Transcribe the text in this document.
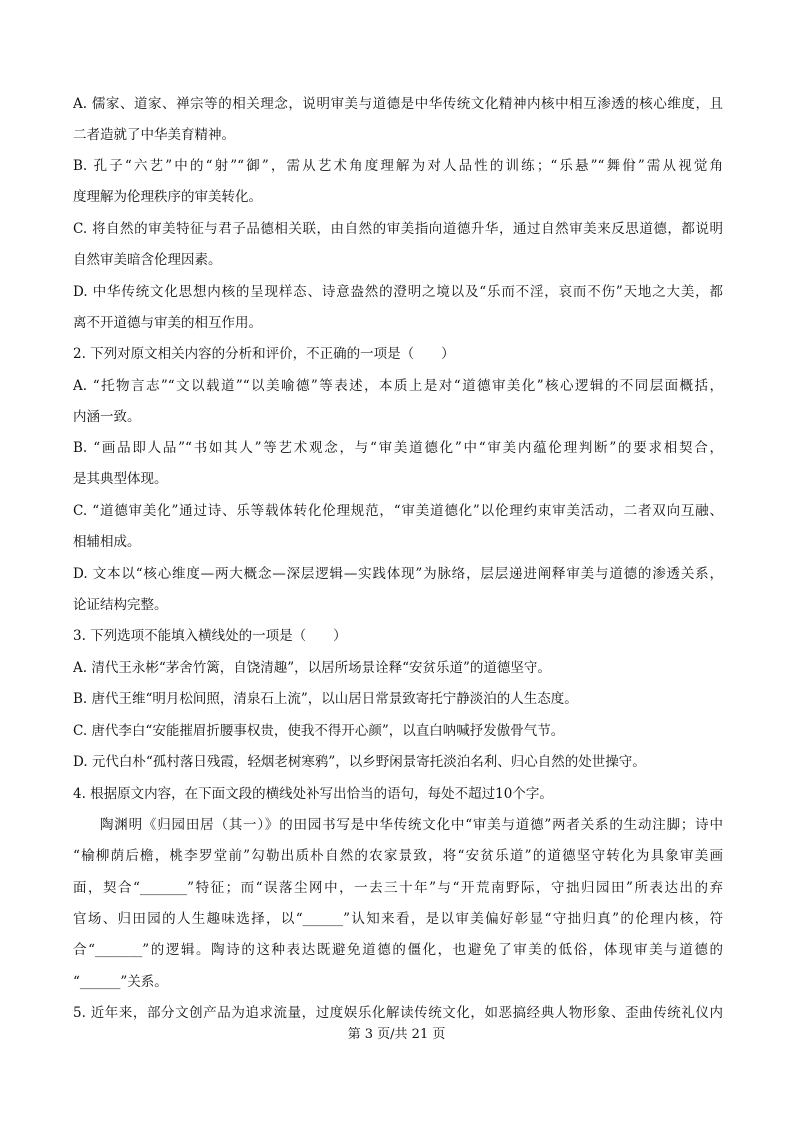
A. 儒家、道家、禅宗等的相关理念，说明审美与道德是中华传统文化精神内核中相互渗透的核心维度，且
二者造就了中华美育精神。
B. 孔子“六艺”中的“射”“御”，需从艺术角度理解为对人品性的训练；“乐悬”“舞佾”需从视觉角
度理解为伦理秩序的审美转化。
C. 将自然的审美特征与君子品德相关联，由自然的审美指向道德升华，通过自然审美来反思道德，都说明
自然审美暗含伦理因素。
D. 中华传统文化思想内核的呈现样态、诗意盎然的澄明之境以及“乐而不淫，哀而不伤”天地之大美，都
离不开道德与审美的相互作用。
2. 下列对原文相关内容的分析和评价，不正确的一项是（　　）
A. “托物言志”“文以载道”“以美喻德”等表述，本质上是对“道德审美化”核心逻辑的不同层面概括，
内涵一致。
B. “画品即人品”“书如其人”等艺术观念，与“审美道德化”中“审美内蕴伦理判断”的要求相契合，
是其典型体现。
C. “道德审美化”通过诗、乐等载体转化伦理规范，“审美道德化”以伦理约束审美活动，二者双向互融、
相辅相成。
D. 文本以“核心维度—两大概念—深层逻辑—实践体现”为脉络，层层递进阐释审美与道德的渗透关系，
论证结构完整。
3. 下列选项不能填入横线处的一项是（　　）
A. 清代王永彬“茅舍竹篱，自饶清趣”，以居所场景诠释“安贫乐道”的道德坚守。
B. 唐代王维“明月松间照，清泉石上流”，以山居日常景致寄托宁静淡泊的人生态度。
C. 唐代李白“安能摧眉折腰事权贵，使我不得开心颜”，以直白呐喊抒发傲骨气节。
D. 元代白朴“孤村落日残霞，轻烟老树寒鸦”，以乡野闲景寄托淡泊名利、归心自然的处世操守。
4. 根据原文内容，在下面文段的横线处补写出恰当的语句，每处不超过10个字。
陶渊明《归园田居（其一）》的田园书写是中华传统文化中“审美与道德”两者关系的生动注脚；诗中
“榆柳荫后檐，桃李罗堂前”勾勒出质朴自然的农家景致，将“安贫乐道”的道德坚守转化为具象审美画
面，契合“_______”特征；而“误落尘网中，一去三十年”与“开荒南野际，守拙归园田”所表达出的弃
官场、归田园的人生趣味选择，以“______”认知来看，是以审美偏好彰显“守拙归真”的伦理内核，符
合“_______”的逻辑。陶诗的这种表达既避免道德的僵化，也避免了审美的低俗，体现审美与道德的
“______”关系。
5. 近年来，部分文创产品为追求流量，过度娱乐化解读传统文化，如恶搞经典人物形象、歪曲传统礼仪内
第 3 页/共 21 页
